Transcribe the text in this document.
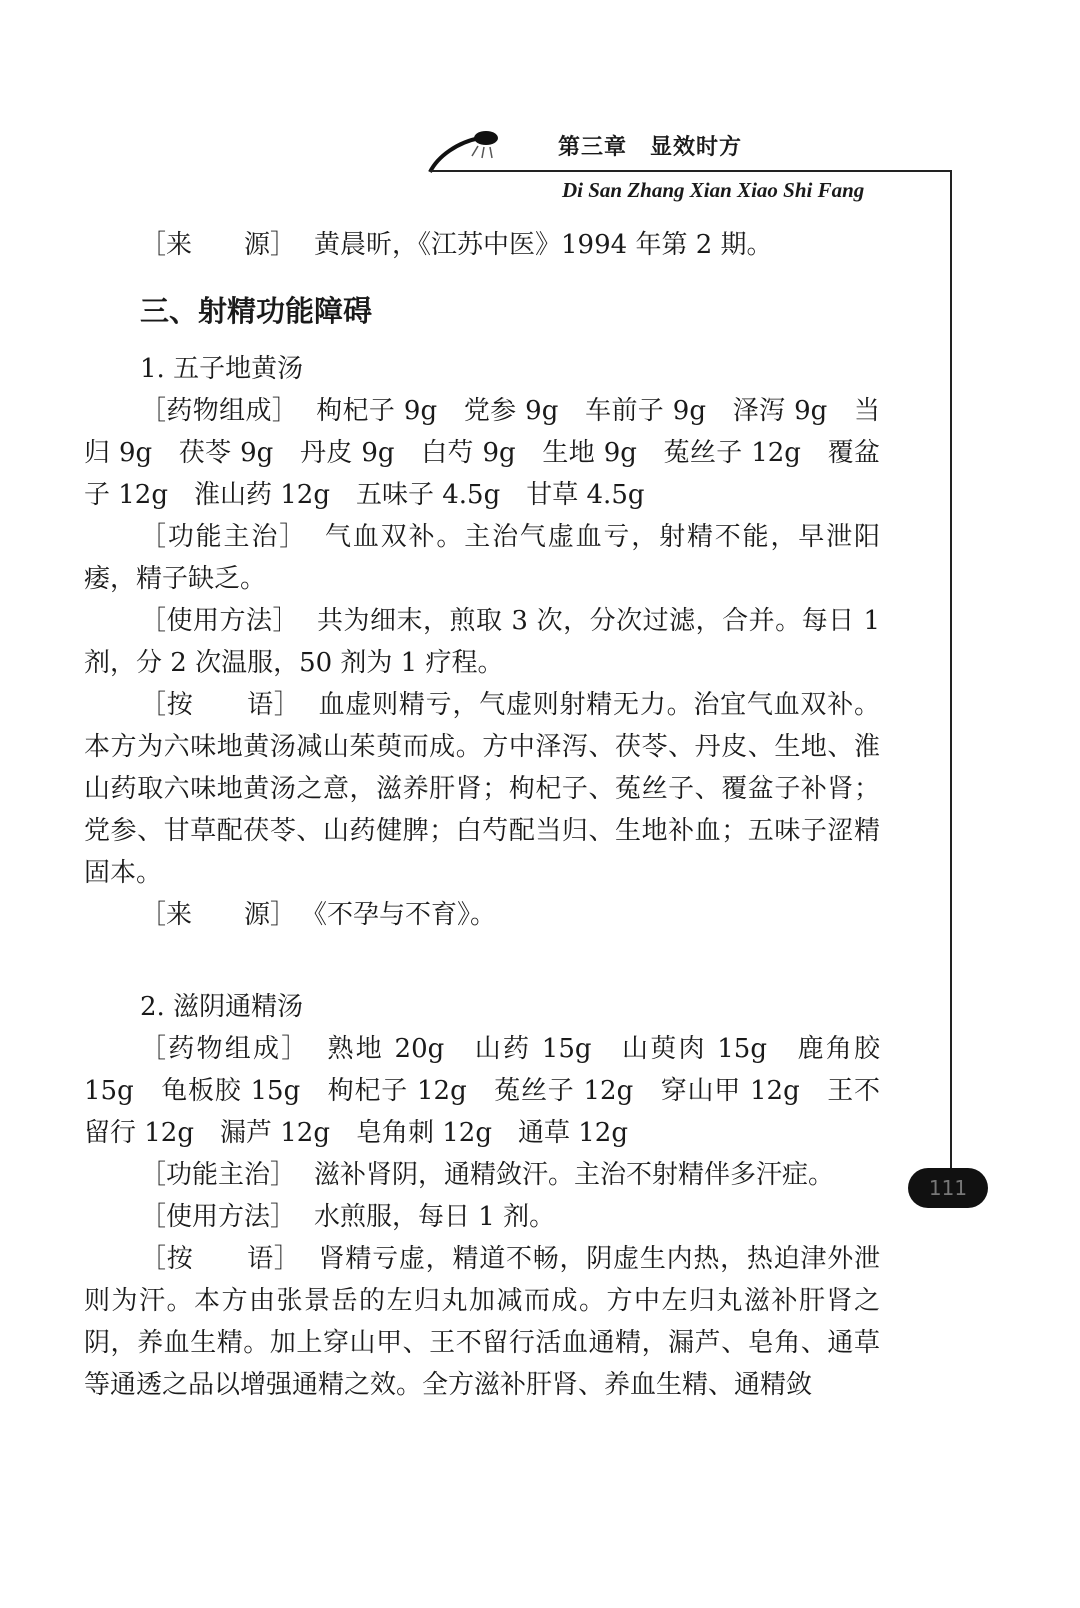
第三章　显效时方
Di San Zhang Xian Xiao Shi Fang
111

［来　　源］ 黄晨昕，《江苏中医》1994 年第 2 期。

三、射精功能障碍

1. 五子地黄汤

［药物组成］ 枸杞子 9g　党参 9g　车前子 9g　泽泻 9g　当归 9g　茯苓 9g　丹皮 9g　白芍 9g　生地 9g　菟丝子 12g　覆盆子 12g　淮山药 12g　五味子 4.5g　甘草 4.5g

［功能主治］ 气血双补。主治气虚血亏，射精不能，早泄阳痿，精子缺乏。

［使用方法］ 共为细末，煎取 3 次，分次过滤，合并。每日 1 剂，分 2 次温服，50 剂为 1 疗程。

［按　　语］ 血虚则精亏，气虚则射精无力。治宜气血双补。本方为六味地黄汤减山茱萸而成。方中泽泻、茯苓、丹皮、生地、淮山药取六味地黄汤之意，滋养肝肾；枸杞子、菟丝子、覆盆子补肾；党参、甘草配茯苓、山药健脾；白芍配当归、生地补血；五味子涩精固本。

［来　　源］ 《不孕与不育》。

2. 滋阴通精汤

［药物组成］ 熟地 20g　山药 15g　山萸肉 15g　鹿角胶 15g　龟板胶 15g　枸杞子 12g　菟丝子 12g　穿山甲 12g　王不留行 12g　漏芦 12g　皂角刺 12g　通草 12g

［功能主治］ 滋补肾阴，通精敛汗。主治不射精伴多汗症。

［使用方法］ 水煎服，每日 1 剂。

［按　　语］ 肾精亏虚，精道不畅，阴虚生内热，热迫津外泄则为汗。本方由张景岳的左归丸加减而成。方中左归丸滋补肝肾之阴，养血生精。加上穿山甲、王不留行活血通精，漏芦、皂角、通草等通透之品以增强通精之效。全方滋补肝肾、养血生精、通精敛
